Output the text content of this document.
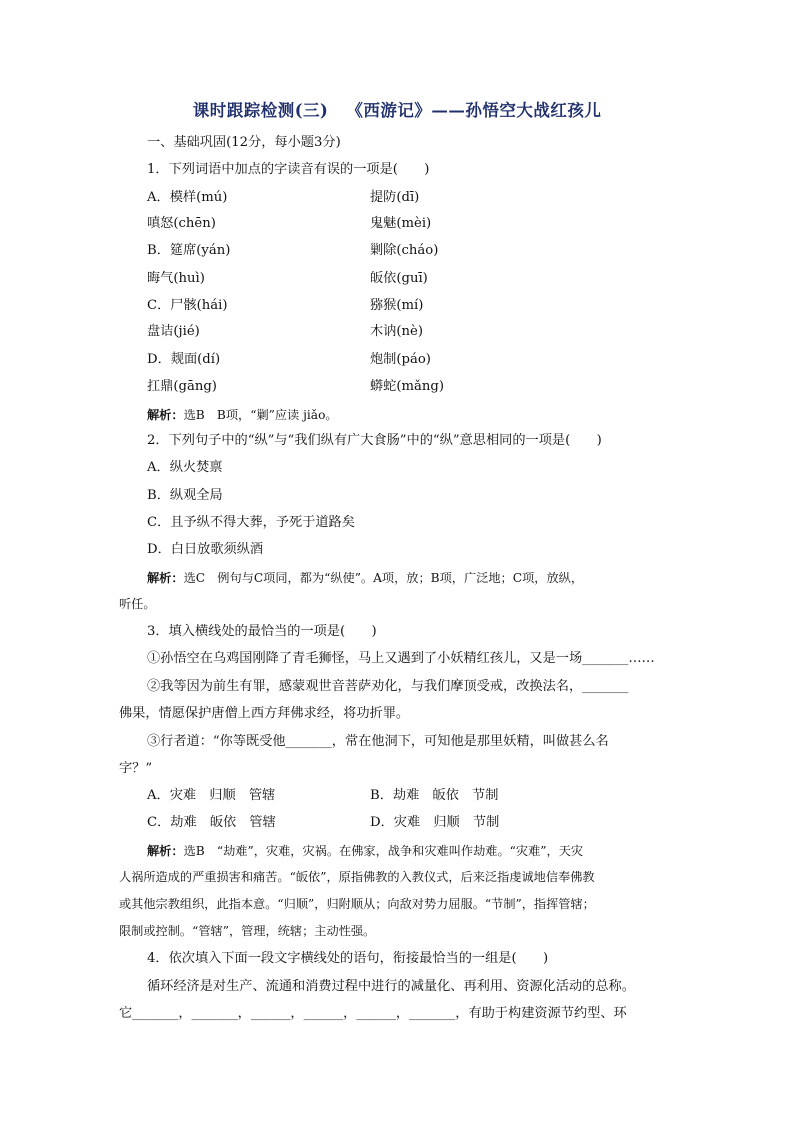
课时跟踪检测(三) 《西游记》——孙悟空大战红孩儿
一、基础巩固(12分，每小题3分)
1．下列词语中加点的字读音有误的一项是(　　)
A．模样(mú)	提防(dī)
嗔怒(chēn)	鬼魅(mèi)
B．筵席(yán)	剿除(cháo)
晦气(huì)	皈依(guī)
C．尸骸(hái)	猕猴(mí)
盘诘(jié)	木讷(nè)
D．觌面(dí)	炮制(páo)
扛鼎(gāng)	蟒蛇(mǎng)
解析：选B　B项，“剿”应读 jiǎo。
2．下列句子中的“纵”与“我们纵有广大食肠”中的“纵”意思相同的一项是(　　)
A．纵火焚禀
B．纵观全局
C．且予纵不得大葬，予死于道路矣
D．白日放歌须纵酒
解析：选C　例句与C项同，都为“纵使”。A项，放；B项，广泛地；C项，放纵，
听任。
3．填入横线处的最恰当的一项是(　　)
①孙悟空在乌鸡国刚降了青毛狮怪，马上又遇到了小妖精红孩儿，又是一场_______……
②我等因为前生有罪，感蒙观世音菩萨劝化，与我们摩顶受戒，改换法名，_______
佛果，情愿保护唐僧上西方拜佛求经，将功折罪。
③行者道：“你等既受他_______，常在他洞下，可知他是那里妖精，叫做甚么名
字？”
A．灾难　归顺　管辖	B．劫难　皈依　节制
C．劫难　皈依　管辖	D．灾难　归顺　节制
解析：选B　“劫难”，灾难，灾祸。在佛家，战争和灾难叫作劫难。“灾难”，天灾
人祸所造成的严重损害和痛苦。“皈依”，原指佛教的入教仪式，后来泛指虔诚地信奉佛教
或其他宗教组织，此指本意。“归顺”，归附顺从；向敌对势力屈服。“节制”，指挥管辖；
限制或控制。“管辖”，管理，统辖；主动性强。
4．依次填入下面一段文字横线处的语句，衔接最恰当的一组是(　　)
循环经济是对生产、流通和消费过程中进行的减量化、再利用、资源化活动的总称。
它_______，_______，______，______，______，_______，有助于构建资源节约型、环
